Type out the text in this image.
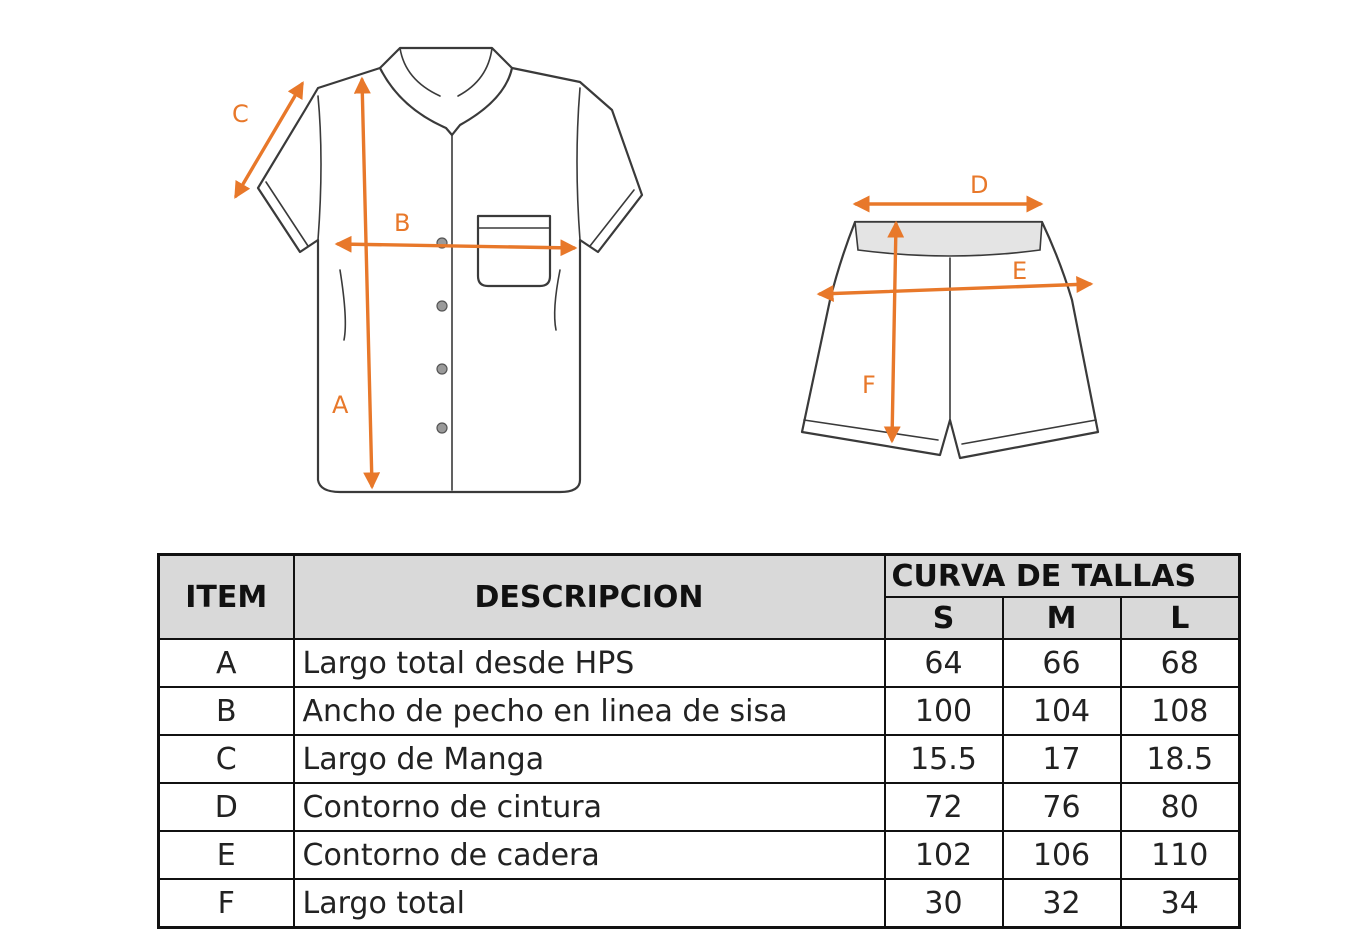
A
B
C
D
E
F
ITEM	DESCRIPCION	CURVA DE TALLAS		
		S	M	L
A	Largo total desde HPS	64	66	68
B	Ancho de pecho en linea de sisa	100	104	108
C	Largo de Manga	15.5	17	18.5
D	Contorno de cintura	72	76	80
E	Contorno de cadera	102	106	110
F	Largo total	30	32	34
